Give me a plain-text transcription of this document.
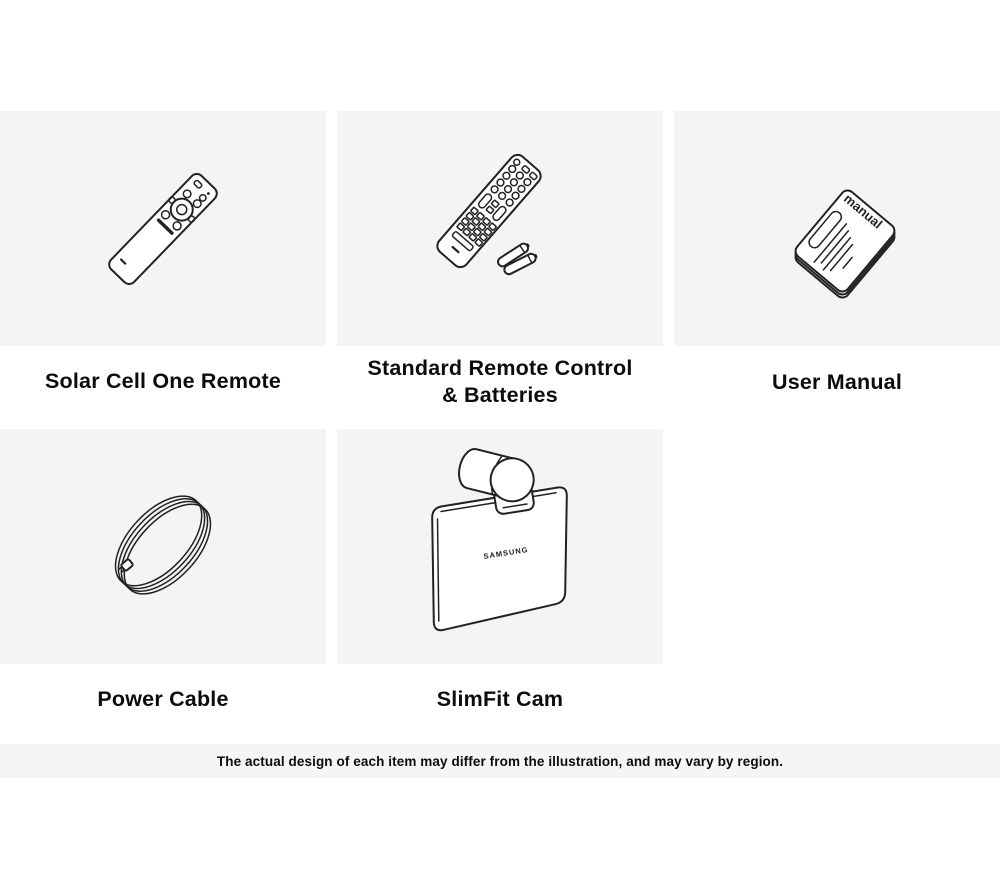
manual
SAMSUNG
Solar Cell One Remote
Standard Remote Control
& Batteries
User Manual
Power Cable	SlimFit Cam
The actual design of each item may differ from the illustration, and may vary by region.
